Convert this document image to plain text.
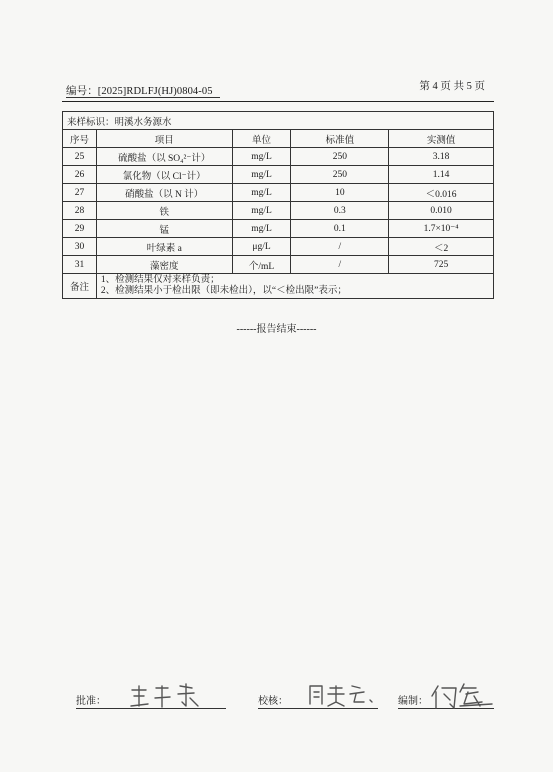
编号：[2025]RDLFJ(HJ)0804-05	第 4 页 共 5 页
来样标识：明溪水务源水				
序号	项目	单位	标准值	实测值
25	硫酸盐（以 SO₄²⁻计）	mg/L	250	3.18
26	氯化物（以 Cl⁻计）	mg/L	250	1.14
27	硝酸盐（以 N 计）	mg/L	10	＜0.016
28	铁	mg/L	0.3	0.010
29	锰	mg/L	0.1	1.7×10⁻⁴
30	叶绿素 a	μg/L	/	＜2
31	藻密度	个/mL	/	725
备注	1、检测结果仅对来样负责；
2、检测结果小于检出限（即未检出），以“＜检出限”表示；			
------报告结束------
批准：	校核：	编制：
